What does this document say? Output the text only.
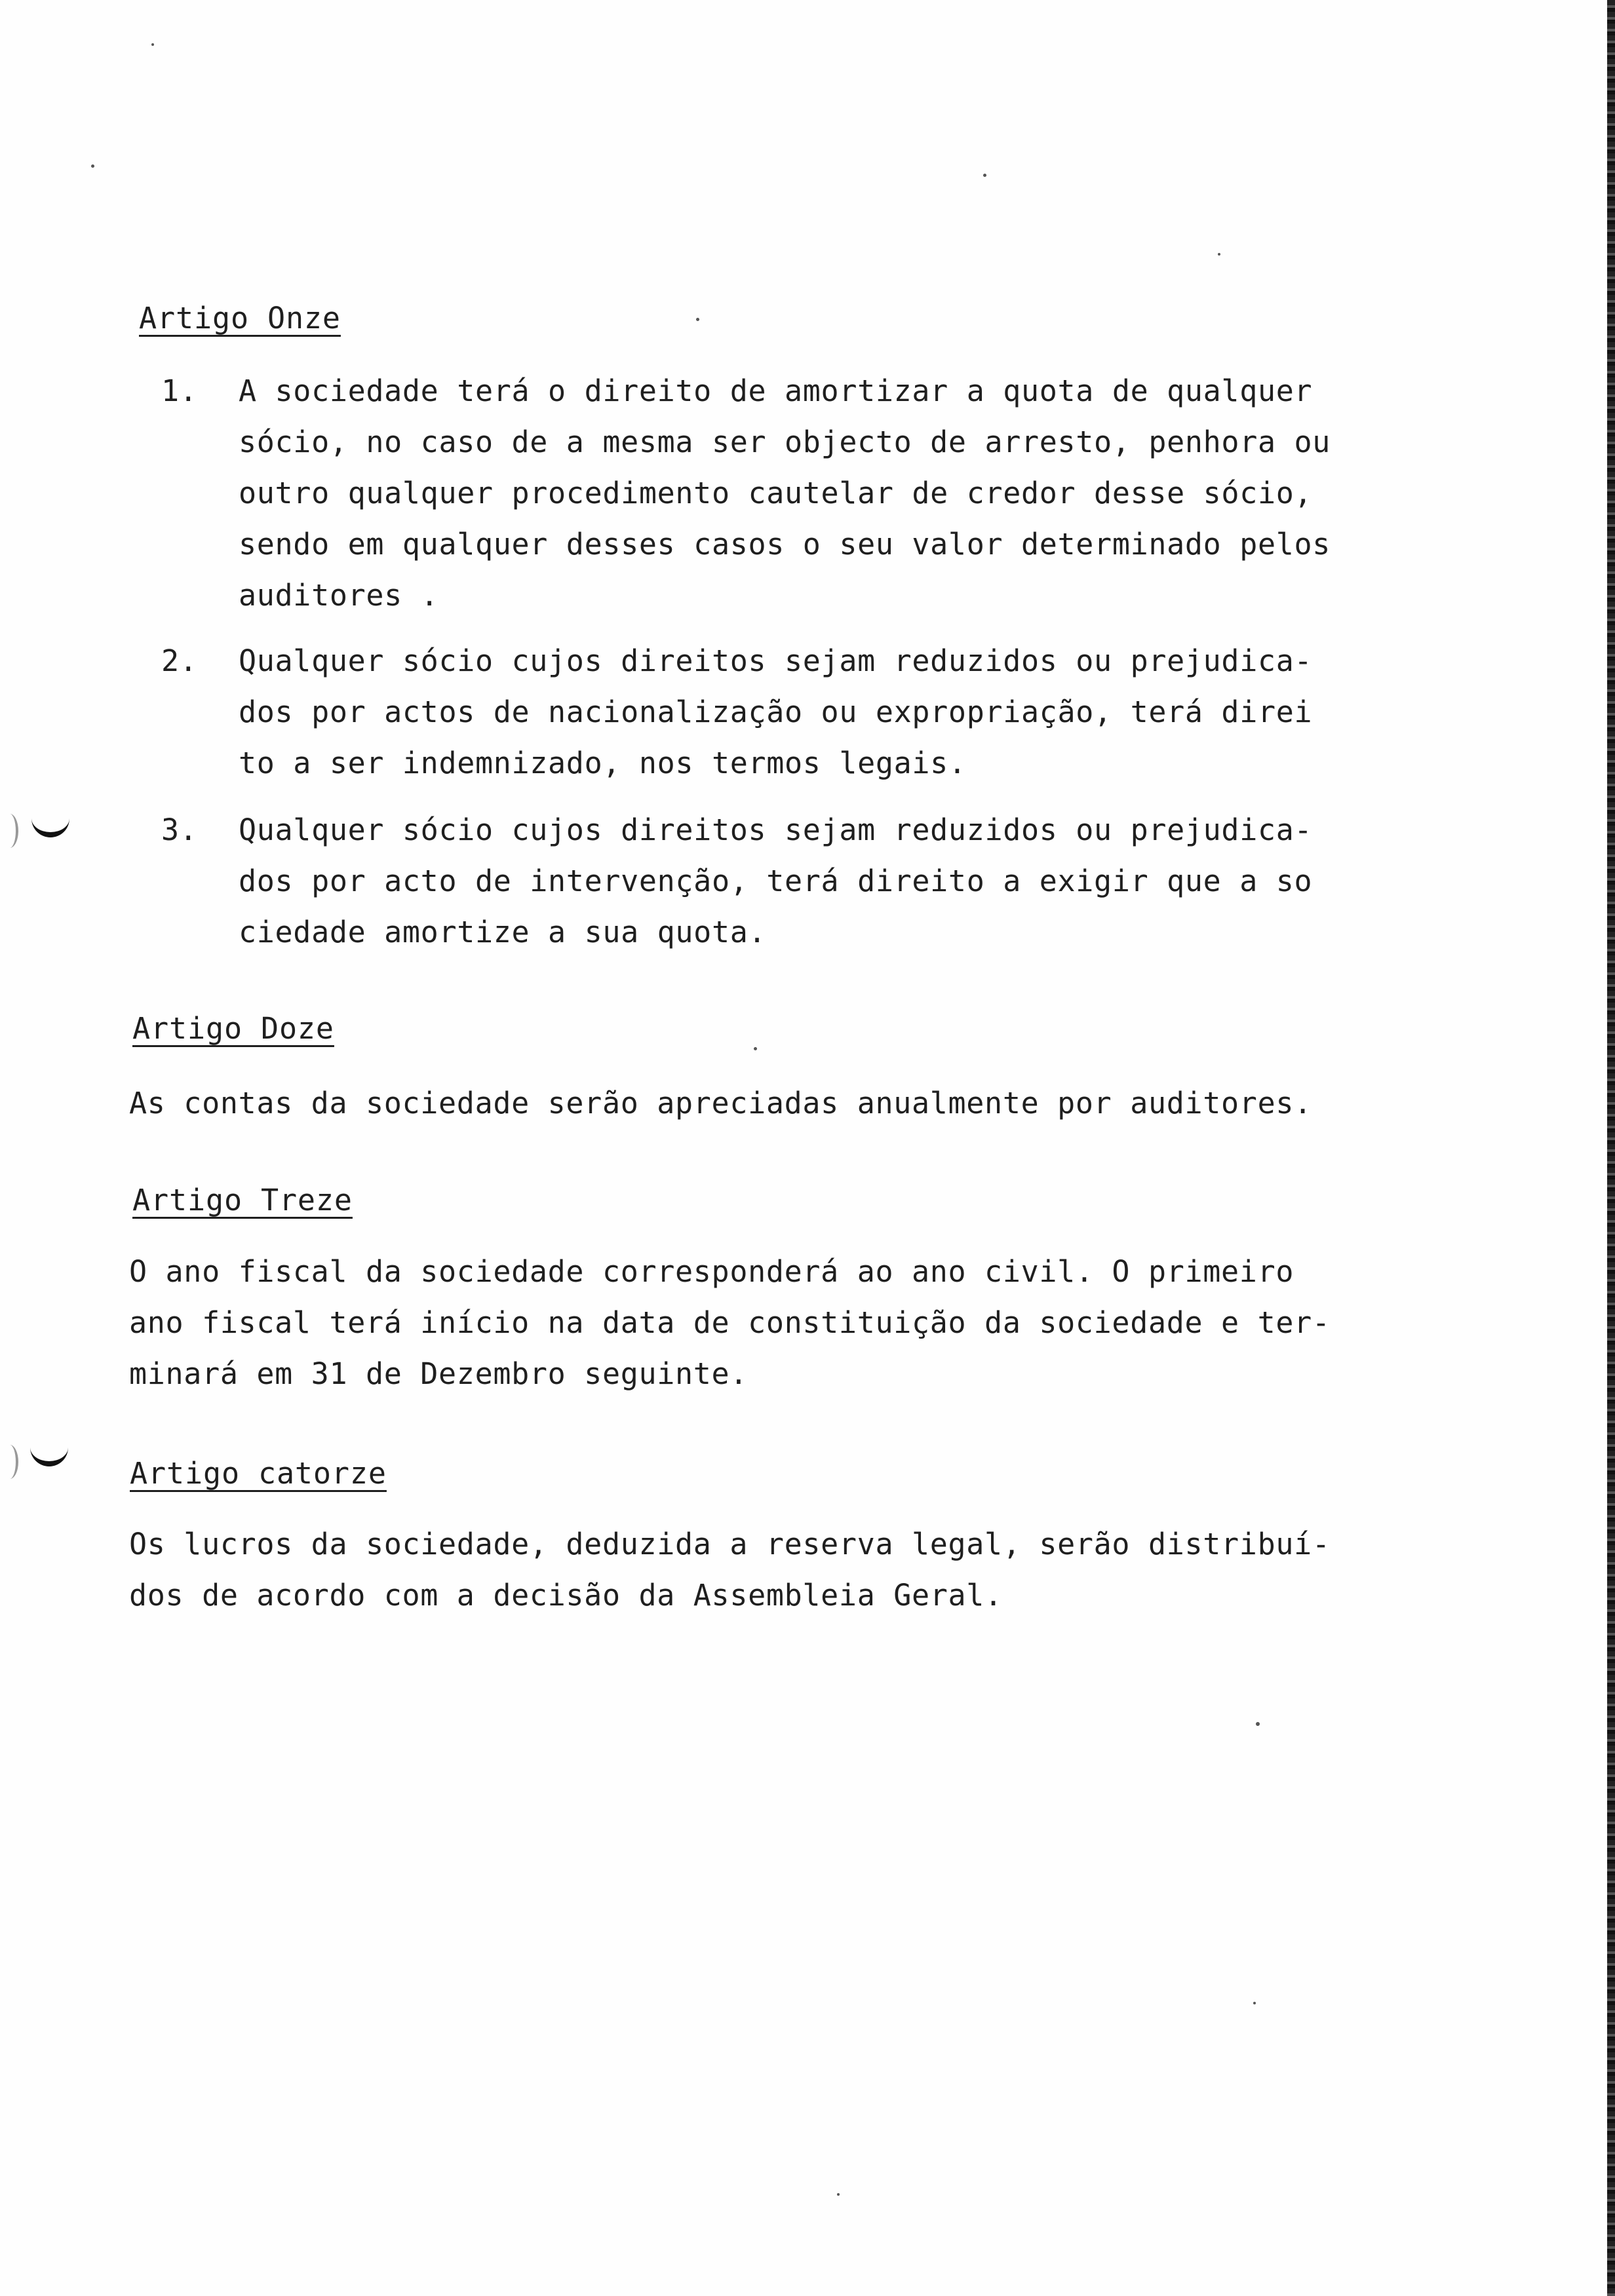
Artigo Onze
1.	A sociedade terá o direito de amortizar a quota de qualquer
sócio, no caso de a mesma ser objecto de arresto, penhora ou
outro qualquer procedimento cautelar de credor desse sócio,
sendo em qualquer desses casos o seu valor determinado pelos
auditores .
2.	Qualquer sócio cujos direitos sejam reduzidos ou prejudica-
dos por actos de nacionalização ou expropriação, terá direi
to a ser indemnizado, nos termos legais.
3.	Qualquer sócio cujos direitos sejam reduzidos ou prejudica-
dos por acto de intervenção, terá direito a exigir que a so
ciedade amortize a sua quota.
Artigo Doze
As contas da sociedade serão apreciadas anualmente por auditores.
Artigo Treze
O ano fiscal da sociedade corresponderá ao ano civil. O primeiro
ano fiscal terá início na data de constituição da sociedade e ter-
minará em 31 de Dezembro seguinte.
Artigo catorze
Os lucros da sociedade, deduzida a reserva legal, serão distribuí-
dos de acordo com a decisão da Assembleia Geral.
